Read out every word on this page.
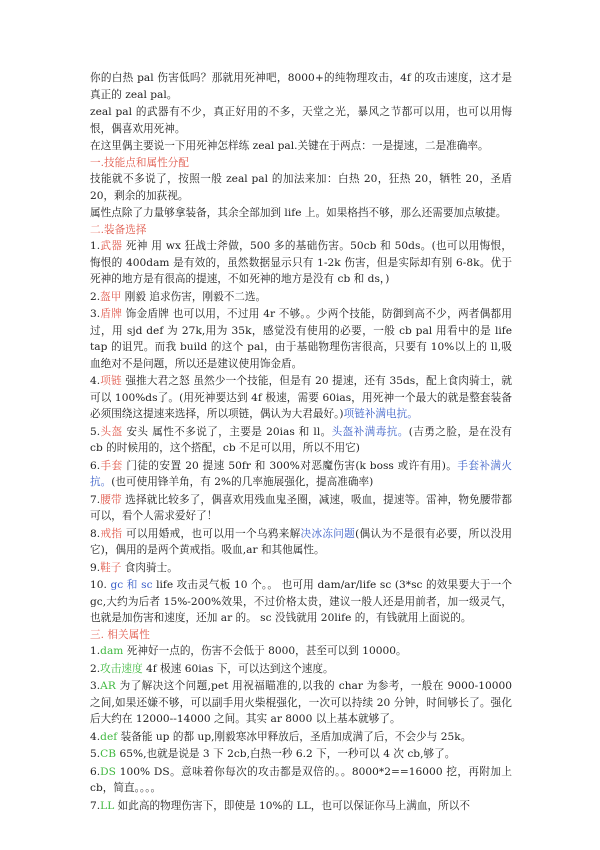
你的白热 pal 伤害低吗？那就用死神吧，8000+的纯物理攻击，4f 的攻击速度，这才是真正的 zeal pal。

zeal pal 的武器有不少，真正好用的不多，天堂之光，暴风之节都可以用，也可以用悔恨，偶喜欢用死神。

在这里偶主要说一下用死神怎样练 zeal pal.关键在于两点：一是提速，二是准确率。

一.技能点和属性分配

技能就不多说了，按照一般 zeal pal 的加法来加：白热 20，狂热 20，牺牲 20，圣盾 20，剩余的加荻视。

属性点除了力量够拿装备，其余全部加到 life 上。如果格挡不够，那么还需要加点敏捷。

二.装备选择

1.武器 死神 用 wx 狂战士斧做，500 多的基础伤害。50cb 和 50ds。(也可以用悔恨，悔恨的 400dam 是有效的，虽然数据显示只有 1-2k 伤害，但是实际却有别 6-8k。优于死神的地方是有很高的提速，不如死神的地方是没有 cb 和 ds，)

2.盔甲 刚毅 追求伤害，刚毅不二选。

3.盾牌 饰金盾牌 也可以用，不过用 4r 不够。。少两个技能，防御到高不少，两者偶都用过，用 sjd def 为 27k,用为 35k，感觉没有使用的必要，一般 cb pal 用看中的是 life tap 的诅咒。而我 build 的这个 pal，由于基础物理伤害很高，只要有 10%以上的 ll,吸血绝对不是问题，所以还是建议使用饰金盾。

4.项链 强推大君之怒 虽然少一个技能，但是有 20 提速，还有 35ds，配上食肉骑士，就可以 100%ds了。(用死神要达到 4f 极速，需要 60ias，用死神一个最大的就是整套装备必须围绕这提速来选择，所以项链，偶认为大君最好。)项链补满电抗。

5.头盔 安头 属性不多说了，主要是 20ias 和 ll。头盔补满毒抗。(吉勇之脸，是在没有 cb 的时候用的，这个搭配，cb 不足可以用，所以不用它)

6.手套 门徒的安置 20 提速 50fr 和 300%对恶魔伤害(k boss 或许有用)。手套补满火抗。(也可使用锋羊角，有 2%的几率施展强化，提高准确率)

7.腰带 选择就比较多了，偶喜欢用残血鬼圣圈，减速，吸血，提速等。雷神，物免腰带都可以，看个人需求爱好了！

8.戒指 可以用婚戒，也可以用一个乌鸦来解决冰冻问题(偶认为不是很有必要，所以没用它)，偶用的是两个黄戒指。吸血,ar 和其他属性。

9.鞋子 食肉骑士。

10. gc 和 sc life 攻击灵气板 10 个。。 也可用 dam/ar/life sc (3*sc 的效果要大于一个 gc,大约为后者 15%-200%效果，不过价格太贵，建议一般人还是用前者，加一级灵气，也就是加伤害和速度，还加 ar 的。 sc 没钱就用 20life 的，有钱就用上面说的。

三. 相关属性

1.dam 死神好一点的，伤害不会低于 8000，甚至可以到 10000。

2.攻击速度 4f 极速 60ias 下，可以达到这个速度。

3.AR 为了解决这个问题,pet 用祝福瞄准的,以我的 char 为参考，一般在 9000-10000 之间,如果还嫌不够，可以副手用火柴棍强化，一次可以持续 20 分钟，时间够长了。强化后大约在 12000--14000 之间。其实 ar 8000 以上基本就够了。

4.def 装备能 up 的都 up,刚毅寒冰甲释放后，圣盾加成满了后，不会少与 25k。

5.CB 65%,也就是说是 3 下 2cb,白热一秒 6.2 下，一秒可以 4 次 cb,够了。

6.DS 100% DS。意味着你每次的攻击都是双倍的。。8000*2==16000 挖，再附加上 cb，简直。。。。

7.LL 如此高的物理伤害下，即使是 10%的 LL，也可以保证你马上满血，所以不
